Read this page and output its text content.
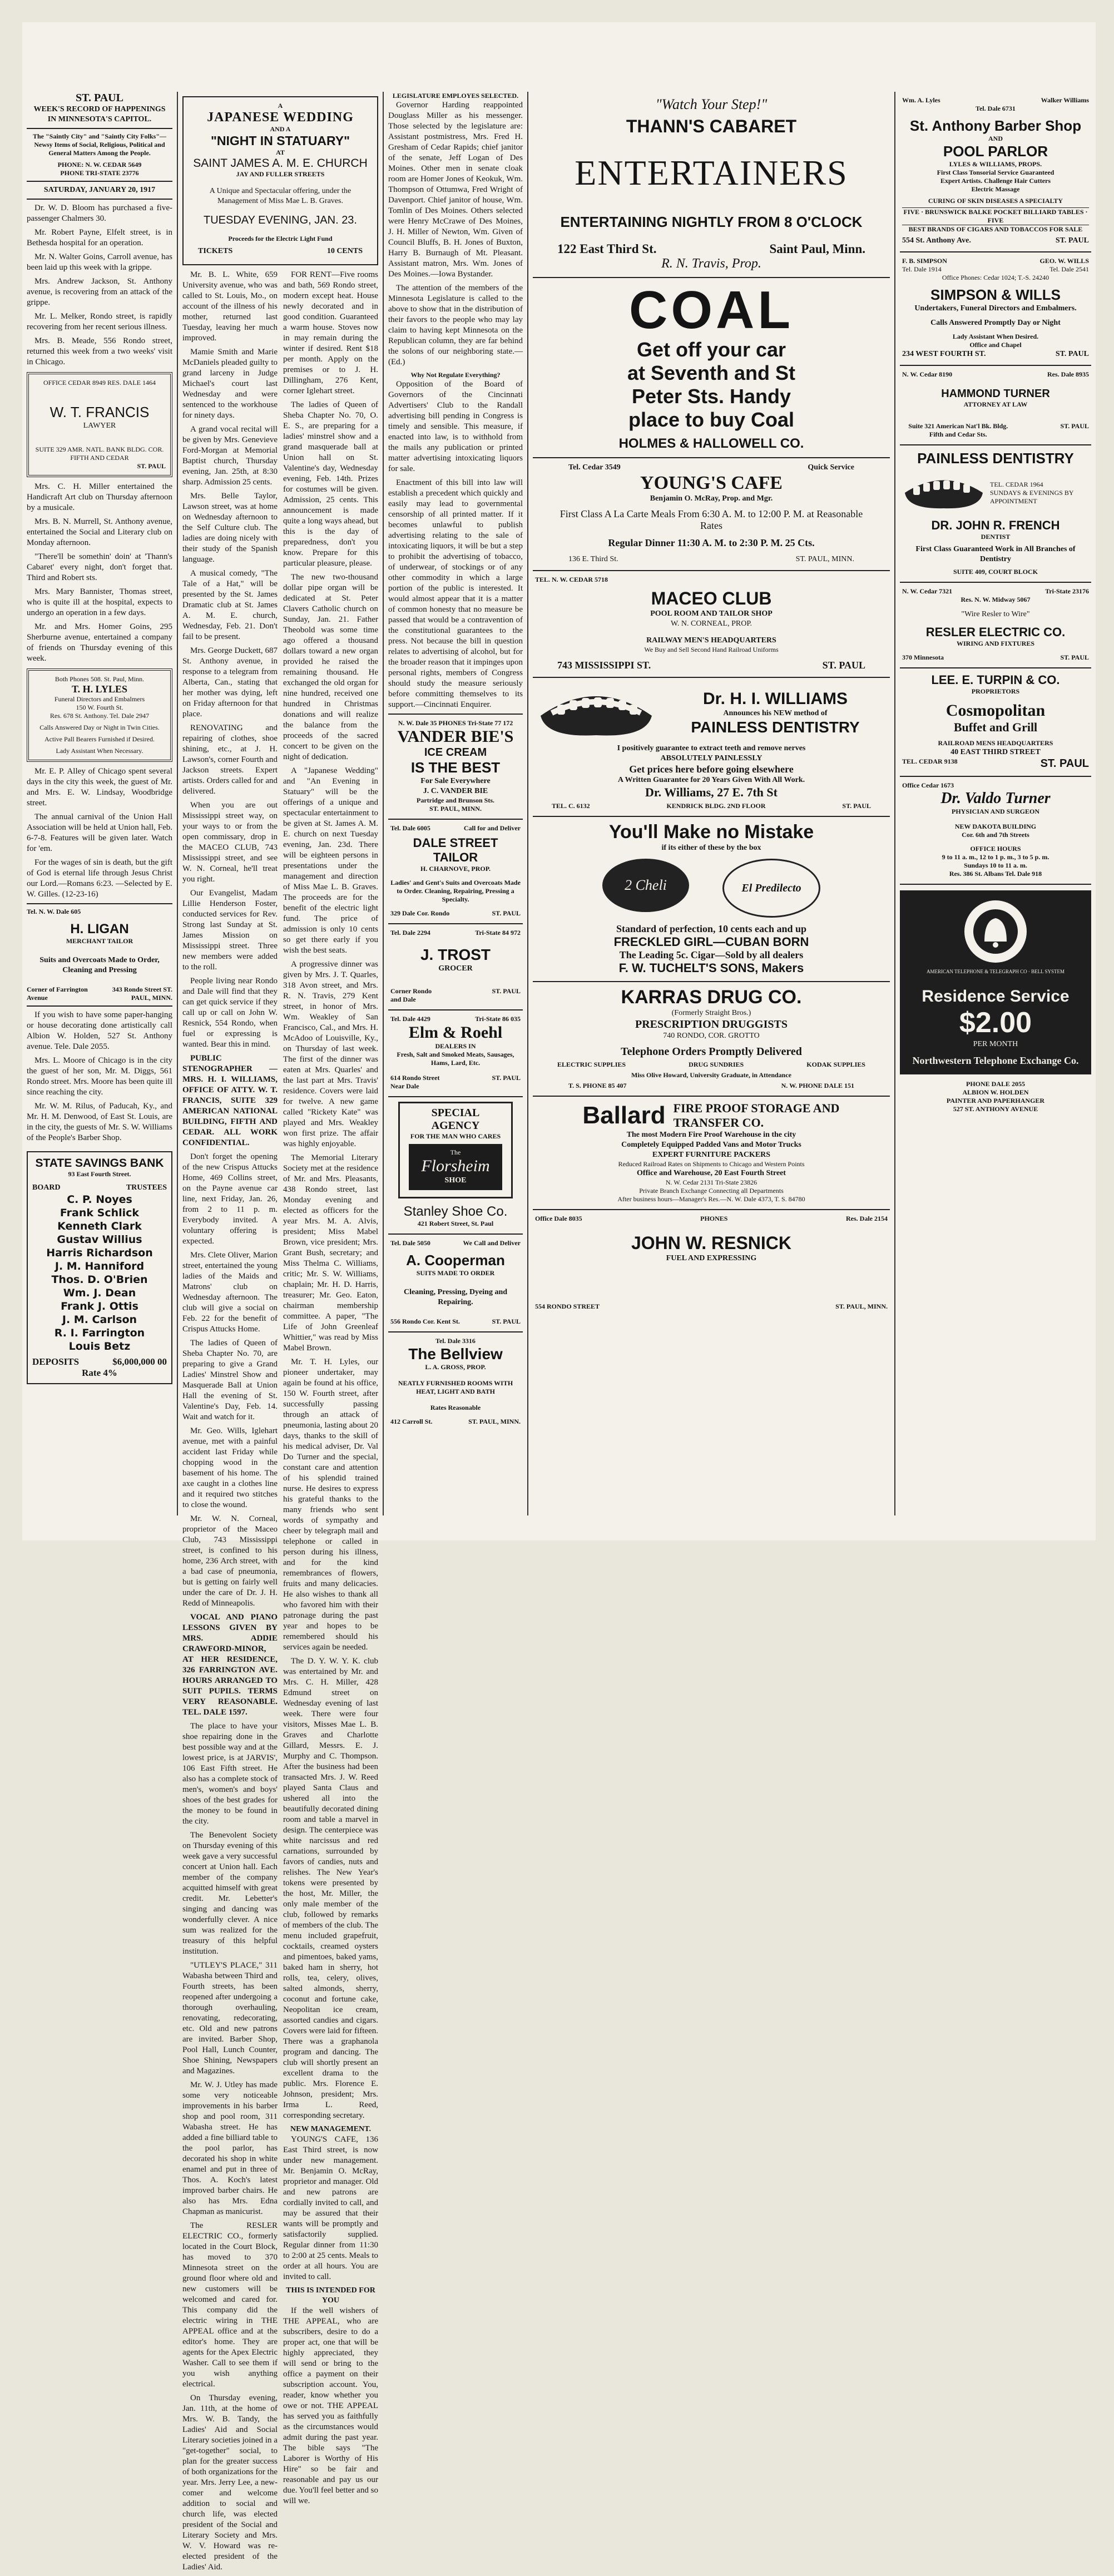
ST. PAUL
WEEK'S RECORD OF HAPPENINGS
IN MINNESOTA'S CAPITOL.
The "Saintly City" and "Saintly City Folks"—Newsy Items of Social, Religious, Political and General Matters Among the People.
PHONE: N. W. CEDAR 5649
PHONE TRI-STATE 23776
SATURDAY, JANUARY 20, 1917

Dr. W. D. Bloom has purchased a five-passenger Chalmers 30.

Mr. Robert Payne, Elfelt street, is in Bethesda hospital for an operation.

Mr. N. Walter Goins, Carroll avenue, has been laid up this week with la grippe.

Mrs. Andrew Jackson, St. Anthony avenue, is recovering from an attack of the grippe.

Mr. L. Melker, Rondo street, is rapidly recovering from her recent serious illness.

Mrs. B. Meade, 556 Rondo street, returned this week from a two weeks' visit in Chicago.

OFFICE CEDAR 8949 RES. DALE 1464
W. T. FRANCIS
LAWYER
SUITE 329 AMR. NATL. BANK BLDG. COR. FIFTH AND CEDAR
ST. PAUL

Mrs. C. H. Miller entertained the Handicraft Art club on Thursday afternoon by a musicale.

Mrs. B. N. Murrell, St. Anthony avenue, entertained the Social and Literary club on Monday afternoon.

"There'll be somethin' doin' at 'Thann's Cabaret' every night, don't forget that. Third and Robert sts.

Mrs. Mary Bannister, Thomas street, who is quite ill at the hospital, expects to undergo an operation in a few days.

Mr. and Mrs. Homer Goins, 295 Sherburne avenue, entertained a company of friends on Thursday evening of this week.

Both Phones 508. St. Paul, Minn.
T. H. LYLES
Funeral Directors and Embalmers
150 W. Fourth St.
Res. 678 St. Anthony. Tel. Dale 2947
Calls Answered Day or Night in Twin Cities.
Active Pall Bearers Furnished if Desired.
Lady Assistant When Necessary.

Mr. E. P. Alley of Chicago spent several days in the city this week, the guest of Mr. and Mrs. E. W. Lindsay, Woodbridge street.

The annual carnival of the Union Hall Association will be held at Union hall, Feb. 6-7-8. Features will be given later. Watch for 'em.

For the wages of sin is death, but the gift of God is eternal life through Jesus Christ our Lord.—Romans 6:23. —Selected by E. W. Gilles. (12-23-16)

Tel. N. W. Dale 605
H. LIGAN
MERCHANT TAILOR
Suits and Overcoats Made to Order, Cleaning and Pressing
Corner of Farrington Avenue
343 Rondo Street ST. PAUL, MINN.

If you wish to have some paper-hanging or house decorating done artistically call Albion W. Holden, 527 St. Anthony avenue. Tele. Dale 2055.

Mrs. L. Moore of Chicago is in the city the guest of her son, Mr. M. Diggs, 561 Rondo street. Mrs. Moore has been quite ill since reaching the city.

Mr. W. M. Rilus, of Paducah, Ky., and Mr. H. M. Denwood, of East St. Louis, are in the city, the guests of Mr. S. W. Williams of the People's Barber Shop.

STATE SAVINGS BANK
93 East Fourth Street.
BOARD	TRUSTEES
C. P. Noyes
Frank Schlick
Kenneth Clark
Gustav Willius
Harris Richardson
J. M. Hanniford
Thos. D. O'Brien
Wm. J. Dean
Frank J. Ottis
J. M. Carlson
R. I. Farrington
Louis Betz
DEPOSITS	$6,000,000 00
Rate 4%
A
JAPANESE WEDDING
AND A
"NIGHT IN STATUARY"
AT
SAINT JAMES A. M. E. CHURCH
JAY AND FULLER STREETS
A Unique and Spectacular offering, under the Management of Miss Mae L. B. Graves.
TUESDAY EVENING, JAN. 23.
Proceeds for the Electric Light Fund
TICKETS	10 CENTS

Mr. B. L. White, 659 University avenue, who was called to St. Louis, Mo., on account of the illness of his mother, returned last Tuesday, leaving her much improved.

Mamie Smith and Marie McDaniels pleaded guilty to grand larceny in Judge Michael's court last Wednesday and were sentenced to the workhouse for ninety days.

A grand vocal recital will be given by Mrs. Genevieve Ford-Morgan at Memorial Baptist church, Thursday evening, Jan. 25th, at 8:30 sharp. Admission 25 cents.

Mrs. Belle Taylor, Lawson street, was at home on Wednesday afternoon to the Self Culture club. The ladies are doing nicely with their study of the Spanish language.

A musical comedy, "The Tale of a Hat," will be presented by the St. James Dramatic club at St. James A. M. E. church, Wednesday, Feb. 21. Don't fail to be present.

Mrs. George Duckett, 687 St. Anthony avenue, in response to a telegram from Alberta, Can., stating that her mother was dying, left on Friday afternoon for that place.

RENOVATING and repairing of clothes, shoe shining, etc., at J. H. Lawson's, corner Fourth and Jackson streets. Expert artists. Orders called for and delivered.

When you are out Mississippi street way, on your ways to or from the open commissary, drop in the MACEO CLUB, 743 Mississippi street, and see W. N. Corneal, he'll treat you right.

Our Evangelist, Madam Lillie Henderson Foster, conducted services for Rev. Strong last Sunday at St. James Mission on Mississippi street. Three new members were added to the roll.

People living near Rondo and Dale will find that they can get quick service if they call up or call on John W. Resnick, 554 Rondo, when fuel or expressing is wanted. Bear this in mind.

PUBLIC STENOGRAPHER — MRS. H. I. WILLIAMS, OFFICE OF ATTY. W. T. FRANCIS, SUITE 329 AMERICAN NATIONAL BUILDING, FIFTH AND CEDAR. ALL WORK CONFIDENTIAL.

Don't forget the opening of the new Crispus Attucks Home, 469 Collins street, on the Payne avenue car line, next Friday, Jan. 26, from 2 to 11 p. m. Everybody invited. A voluntary offering is expected.

Mrs. Clete Oliver, Marion street, entertained the young ladies of the Maids and Matrons' club on Wednesday afternoon. The club will give a social on Feb. 22 for the benefit of Crispus Attucks Home.

The ladies of Queen of Sheba Chapter No. 70, are preparing to give a Grand Ladies' Minstrel Show and Masquerade Ball at Union Hall the evening of St. Valentine's Day, Feb. 14. Wait and watch for it.

Mr. Geo. Wills, Iglehart avenue, met with a painful accident last Friday while chopping wood in the basement of his home. The axe caught in a clothes line and it required two stitches to close the wound.

Mr. W. N. Corneal, proprietor of the Maceo Club, 743 Mississippi street, is confined to his home, 236 Arch street, with a bad case of pneumonia, but is getting on fairly well under the care of Dr. J. H. Redd of Minneapolis.

VOCAL AND PIANO LESSONS GIVEN BY MRS. ADDIE CRAWFORD-MINOR, AT HER RESIDENCE, 326 FARRINGTON AVE. HOURS ARRANGED TO SUIT PUPILS. TERMS VERY REASONABLE. TEL. DALE 1597.

The place to have your shoe repairing done in the best possible way and at the lowest price, is at JARVIS', 106 East Fifth street. He also has a complete stock of men's, women's and boys' shoes of the best grades for the money to be found in the city.

The Benevolent Society on Thursday evening of this week gave a very successful concert at Union hall. Each member of the company acquitted himself with great credit. Mr. Lebetter's singing and dancing was wonderfully clever. A nice sum was realized for the treasury of this helpful institution.

"UTLEY'S PLACE," 311 Wabasha between Third and Fourth streets, has been reopened after undergoing a thorough overhauling, renovating, redecorating, etc. Old and new patrons are invited. Barber Shop, Pool Hall, Lunch Counter, Shoe Shining, Newspapers and Magazines.

Mr. W. J. Utley has made some very noticeable improvements in his barber shop and pool room, 311 Wabasha street. He has added a fine billiard table to the pool parlor, has decorated his shop in white enamel and put in three of Thos. A. Koch's latest improved barber chairs. He also has Mrs. Edna Chapman as manicurist.

The RESLER ELECTRIC CO., formerly located in the Court Block, has moved to 370 Minnesota street on the ground floor where old and new customers will be welcomed and cared for. This company did the electric wiring in THE APPEAL office and at the editor's home. They are agents for the Apex Electric Washer. Call to see them if you wish anything electrical.

On Thursday evening, Jan. 11th, at the home of Mrs. W. B. Tandy, the Ladies' Aid and Social Literary societies joined in a "get-together" social, to plan for the greater success of both organizations for the year. Mrs. Jerry Lee, a new-comer and welcome addition to social and church life, was elected president of the Social and Literary Society and Mrs. W. V. Howard was re-elected president of the Ladies' Aid.

FOR RENT—Five rooms and bath, 569 Rondo street, modern except heat. House newly decorated and in good condition. Guaranteed a warm house. Stoves now in may remain during the winter if desired. Rent $18 per month. Apply on the premises or to J. H. Dillingham, 276 Kent, corner Iglehart street.

The ladies of Queen of Sheba Chapter No. 70, O. E. S., are preparing for a ladies' minstrel show and a grand masquerade ball at Union hall on St. Valentine's day, Wednesday evening, Feb. 14th. Prizes for costumes will be given. Admission, 25 cents. This announcement is made quite a long ways ahead, but this is the day of preparedness, don't you know. Prepare for this particular pleasure, please.

The new two-thousand dollar pipe organ will be dedicated at St. Peter Clavers Catholic church on Sunday, Jan. 21. Father Theobold was some time ago offered a thousand dollars toward a new organ provided he raised the remaining thousand. He exchanged the old organ for nine hundred, received one hundred in Christmas donations and will realize the balance from the proceeds of the sacred concert to be given on the night of dedication.

A "Japanese Wedding" and "An Evening in Statuary" will be the offerings of a unique and spectacular entertainment to be given at St. James A. M. E. church on next Tuesday evening, Jan. 23d. There will be eighteen persons in presentations under the management and direction of Miss Mae L. B. Graves. The proceeds are for the benefit of the electric light fund. The price of admission is only 10 cents so get there early if you wish the best seats.

A progressive dinner was given by Mrs. J. T. Quarles, 318 Avon street, and Mrs. R. N. Travis, 279 Kent street, in honor of Mrs. Wm. Weakley of San Francisco, Cal., and Mrs. H. McAdoo of Louisville, Ky., on Thursday of last week. The first of the dinner was eaten at Mrs. Quarles' and the last part at Mrs. Travis' residence. Covers were laid for twelve. A new game called "Rickety Kate" was played and Mrs. Weakley won first prize. The affair was highly enjoyable.

The Memorial Literary Society met at the residence of Mr. and Mrs. Pleasants, 438 Rondo street, last Monday evening and elected as officers for the year Mrs. M. A. Alvis, president; Miss Mabel Brown, vice president; Mrs. Grant Bush, secretary; and Miss Thelma C. Williams, critic; Mr. S. W. Williams, chaplain; Mr. H. D. Harris, treasurer; Mr. Geo. Eaton, chairman membership committee. A paper, "The Life of John Greenleaf Whittier," was read by Miss Mabel Brown.

Mr. T. H. Lyles, our pioneer undertaker, may again be found at his office, 150 W. Fourth street, after successfully passing through an attack of pneumonia, lasting about 20 days, thanks to the skill of his medical adviser, Dr. Val Do Turner and the special, constant care and attention of his splendid trained nurse. He desires to express his grateful thanks to the many friends who sent words of sympathy and cheer by telegraph mail and telephone or called in person during his illness, and for the kind remembrances of flowers, fruits and many delicacies. He also wishes to thank all who favored him with their patronage during the past year and hopes to be remembered should his services again be needed.

The D. Y. W. Y. K. club was entertained by Mr. and Mrs. C. H. Miller, 428 Edmund street on Wednesday evening of last week. There were four visitors, Misses Mae L. B. Graves and Charlotte Gillard, Messrs. E. J. Murphy and C. Thompson. After the business had been transacted Mrs. J. W. Reed played Santa Claus and ushered all into the beautifully decorated dining room and table a marvel in design. The centerpiece was white narcissus and red carnations, surrounded by favors of candies, nuts and relishes. The New Year's tokens were presented by the host, Mr. Miller, the only male member of the club, followed by remarks of members of the club. The menu included grapefruit, cocktails, creamed oysters and pimentoes, baked yams, baked ham in sherry, hot rolls, tea, celery, olives, salted almonds, sherry, coconut and fortune cake, Neopolitan ice cream, assorted candies and cigars. Covers were laid for fifteen. There was a graphanola program and dancing. The club will shortly present an excellent drama to the public. Mrs. Florence E. Johnson, president; Mrs. Irma L. Reed, corresponding secretary.

NEW MANAGEMENT.

YOUNG'S CAFE, 136 East Third street, is now under new management. Mr. Benjamin O. McRay, proprietor and manager. Old and new patrons are cordially invited to call, and may be assured that their wants will be promptly and satisfactorily supplied. Regular dinner from 11:30 to 2:00 at 25 cents. Meals to order at all hours. You are invited to call.

THIS IS INTENDED FOR YOU

If the well wishers of THE APPEAL, who are subscribers, desire to do a proper act, one that will be highly appreciated, they will send or bring to the office a payment on their subscription account. You, reader, know whether you owe or not. THE APPEAL has served you as faithfully as the circumstances would admit during the past year. The bible says "The Laborer is Worthy of His Hire" so be fair and reasonable and pay us our due. You'll feel better and so will we.

LEGISLATURE EMPLOYES SELECTED.

Governor Harding reappointed Douglass Miller as his messenger. Those selected by the legislature are: Assistant postmistress, Mrs. Fred H. Gresham of Cedar Rapids; chief janitor of the senate, Jeff Logan of Des Moines. Other men in senate cloak room are Homer Jones of Keokuk, Wm. Thompson of Ottumwa, Fred Wright of Davenport. Chief janitor of house, Wm. Tomlin of Des Moines. Others selected were Henry McCrawe of Des Moines, J. H. Miller of Newton, Wm. Given of Council Bluffs, B. H. Jones of Buxton, Harry B. Burnaugh of Mt. Pleasant. Assistant matron, Mrs. Wm. Jones of Des Moines.—Iowa Bystander.

The attention of the members of the Minnesota Legislature is called to the above to show that in the distribution of their favors to the people who may lay claim to having kept Minnesota on the Republican column, they are far behind the solons of our neighboring state.—(Ed.)

Why Not Regulate Everything?

Opposition of the Board of Governors of the Cincinnati Advertisers' Club to the Randall advertising bill pending in Congress is timely and sensible. This measure, if enacted into law, is to withhold from the mails any publication or printed matter advertising intoxicating liquors for sale.

Enactment of this bill into law will establish a precedent which quickly and easily may lead to governmental censorship of all printed matter. If it becomes unlawful to publish advertising relating to the sale of intoxicating liquors, it will be but a step to prohibit the advertising of tobacco, of underwear, of stockings or of any other commodity in which a large portion of the public is interested. It would almost appear that it is a matter of common honesty that no measure be passed that would be a contravention of the constitutional guarantees to the press. Not because the bill in question relates to advertising of alcohol, but for the broader reason that it impinges upon personal rights, members of Congress should study the measure seriously before committing themselves to its support.—Cincinnati Enquirer.

N. W. Dale 35 PHONES Tri-State 77 172
VANDER BIE'S
ICE CREAM
IS THE BEST
For Sale Everywhere
J. C. VANDER BIE
Partridge and Brunson Sts.
ST. PAUL, MINN.
Tel. Dale 6005	Call for and Deliver
DALE STREET TAILOR
H. CHARNOVE, PROP.
Ladies' and Gent's Suits and Overcoats Made to Order. Cleaning, Repairing, Pressing a Specialty.
329 Dale Cor. Rondo	ST. PAUL
Tel. Dale 2294	Tri-State 84 972
J. TROST
GROCER
Corner Rondo and Dale
ST. PAUL
Tel. Dale 4429	Tri-State 86 035
Elm & Roehl
DEALERS IN
Fresh, Salt and Smoked Meats, Sausages, Hams, Lard, Etc.
614 Rondo Street Near Dale
ST. PAUL
SPECIAL
AGENCY
FOR THE MAN WHO CARES
The
Florsheim
SHOE
Stanley Shoe Co.
421 Robert Street, St. Paul
Tel. Dale 5050	We Call and Deliver
A. Cooperman
SUITS MADE TO ORDER
Cleaning, Pressing, Dyeing and Repairing.
556 Rondo Cor. Kent St.	ST. PAUL
Tel. Dale 3316
The Bellview
L. A. GROSS, PROP.
NEATLY FURNISHED ROOMS WITH HEAT, LIGHT AND BATH
Rates Reasonable
412 Carroll St.	ST. PAUL, MINN.
"Watch Your Step!"
THANN'S CABARET
ENTERTAINERS
ENTERTAINING NIGHTLY FROM 8 O'CLOCK
122 East Third St.	Saint Paul, Minn.
R. N. Travis, Prop.
COAL
Get off your car
at Seventh and St
Peter Sts. Handy
place to buy Coal
HOLMES & HALLOWELL CO.
Tel. Cedar 3549	Quick Service
YOUNG'S CAFE
Benjamin O. McRay, Prop. and Mgr.
First Class A La Carte Meals From 6:30 A. M. to 12:00 P. M. at Reasonable Rates
Regular Dinner 11:30 A. M. to 2:30 P. M. 25 Cts.
136 E. Third St.	ST. PAUL, MINN.
TEL. N. W. CEDAR 5718
MACEO CLUB
POOL ROOM AND TAILOR SHOP
W. N. CORNEAL, PROP.
RAILWAY MEN'S HEADQUARTERS
We Buy and Sell Second Hand Railroad Uniforms
743 MISSISSIPPI ST.	ST. PAUL
Dr. H. I. WILLIAMS
Announces his NEW method of
PAINLESS DENTISTRY
I positively guarantee to extract teeth and remove nerves
ABSOLUTELY PAINLESSLY
Get prices here before going elsewhere
A Written Guarantee for 20 Years Given With All Work.
Dr. Williams, 27 E. 7th St
TEL. C. 6132	KENDRICK BLDG. 2ND FLOOR	ST. PAUL
You'll Make no Mistake
if its either of these by the box
2 Cheli	El Predilecto
Standard of perfection, 10 cents each and up
FRECKLED GIRL—CUBAN BORN
The Leading 5c. Cigar—Sold by all dealers
F. W. TUCHELT'S SONS, Makers
KARRAS DRUG CO.
(Formerly Straight Bros.)
PRESCRIPTION DRUGGISTS
740 RONDO, COR. GROTTO
Telephone Orders Promptly Delivered
ELECTRIC SUPPLIES	DRUG SUNDRIES	KODAK SUPPLIES
Miss Olive Howard, University Graduate, in Attendance
T. S. PHONE 85 407	N. W. PHONE DALE 151
Ballard FIRE PROOF STORAGE AND TRANSFER CO.
The most Modern Fire Proof Warehouse in the city
Completely Equipped Padded Vans and Motor Trucks
EXPERT FURNITURE PACKERS
Reduced Railroad Rates on Shipments to Chicago and Western Points
Office and Warehouse, 20 East Fourth Street
N. W. Cedar 2131 Tri-State 23826
Private Branch Exchange Connecting all Departments
After business hours—Manager's Res.—N. W. Dale 4373, T. S. 84780
Office Dale 8035	PHONES	Res. Dale 2154
JOHN W. RESNICK
FUEL AND EXPRESSING
554 RONDO STREET	ST. PAUL, MINN.
Wm. A. Lyles	Walker Williams
Tel. Dale 6731
St. Anthony Barber Shop
AND
POOL PARLOR
LYLES & WILLIAMS, PROPS.
First Class Tonsorial Service Guaranteed
Expert Artists. Challenge Hair Cutters
Electric Massage
CURING OF SKIN DISEASES A SPECIALTY
FIVE · BRUNSWICK BALKE POCKET BILLIARD TABLES · FIVE
BEST BRANDS OF CIGARS AND TOBACCOS FOR SALE
554 St. Anthony Ave.	ST. PAUL
F. B. SIMPSON	GEO. W. WILLS
Tel. Dale 1914	Tel. Dale 2541
Office Phones: Cedar 1024; T.-S. 24240
SIMPSON & WILLS
Undertakers, Funeral Directors and Embalmers.
Calls Answered Promptly Day or Night
Lady Assistant When Desired.
Office and Chapel
234 WEST FOURTH ST.	ST. PAUL
N. W. Cedar 8190	Res. Dale 8935
HAMMOND TURNER
ATTORNEY AT LAW
Suite 321 American Nat'l Bk. Bldg. Fifth and Cedar Sts.
ST. PAUL
PAINLESS DENTISTRY
TEL. CEDAR 1964
SUNDAYS & EVENINGS BY APPOINTMENT
DR. JOHN R. FRENCH
DENTIST
First Class Guaranteed Work in All Branches of Dentistry
SUITE 409, COURT BLOCK
N. W. Cedar 7321	Tri-State 23176
Res. N. W. Midway 5067
"Wire Resler to Wire"
RESLER ELECTRIC CO.
WIRING AND FIXTURES
370 Minnesota	ST. PAUL
LEE. E. TURPIN & CO.
PROPRIETORS
Cosmopolitan
Buffet and Grill
RAILROAD MENS HEADQUARTERS
40 EAST THIRD STREET
TEL. CEDAR 9138	ST. PAUL
Office Cedar 1673
Dr. Valdo Turner
PHYSICIAN AND SURGEON
NEW DAKOTA BUILDING
Cor. 6th and 7th Streets
OFFICE HOURS
9 to 11 a. m., 12 to 1 p. m., 3 to 5 p. m.
Sundays 10 to 11 a. m.
Res. 386 St. Albans Tel. Dale 918
AMERICAN TELEPHONE & TELEGRAPH CO · BELL SYSTEM
Residence Service
$2.00
PER MONTH
Northwestern Telephone Exchange Co.
PHONE DALE 2055
ALBION W. HOLDEN
PAINTER AND PAPERHANGER
527 ST. ANTHONY AVENUE
